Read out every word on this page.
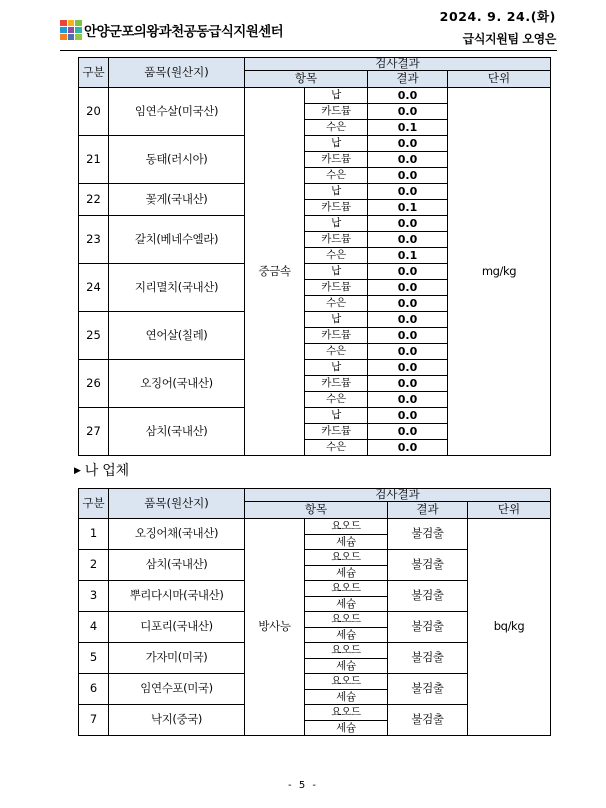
안양군포의왕과천공동급식지원센터
2024. 9. 24.(화)
급식지원팀 오영은
구분	품목(원산지)	검사결과			
		항목		결과	단위
20	임연수살(미국산)	중금속	납	0.0	mg/kg
			카드뮴	0.0	
			수은	0.1	
21	동태(러시아)		납	0.0	
			카드뮴	0.0	
			수은	0.0	
22	꽃게(국내산)		납	0.0	
			카드뮴	0.1	
23	갈치(베네수엘라)		납	0.0	
			카드뮴	0.0	
			수은	0.1	
24	지리멸치(국내산)		납	0.0	
			카드뮴	0.0	
			수은	0.0	
25	연어살(칠레)		납	0.0	
			카드뮴	0.0	
			수은	0.0	
26	오징어(국내산)		납	0.0	
			카드뮴	0.0	
			수은	0.0	
27	삼치(국내산)		납	0.0	
			카드뮴	0.0	
			수은	0.0	
▶ 나 업체
구분	품목(원산지)	검사결과			
		항목		결과	단위
1	오징어채(국내산)	방사능	요오드	불검출	bq/kg
			세슘		
2	삼치(국내산)		요오드	불검출	
			세슘		
3	뿌리다시마(국내산)		요오드	불검출	
			세슘		
4	디포리(국내산)		요오드	불검출	
			세슘		
5	가자미(미국)		요오드	불검출	
			세슘		
6	임연수포(미국)		요오드	불검출	
			세슘		
7	낙지(중국)		요오드	불검출	
			세슘		
- 5 -
